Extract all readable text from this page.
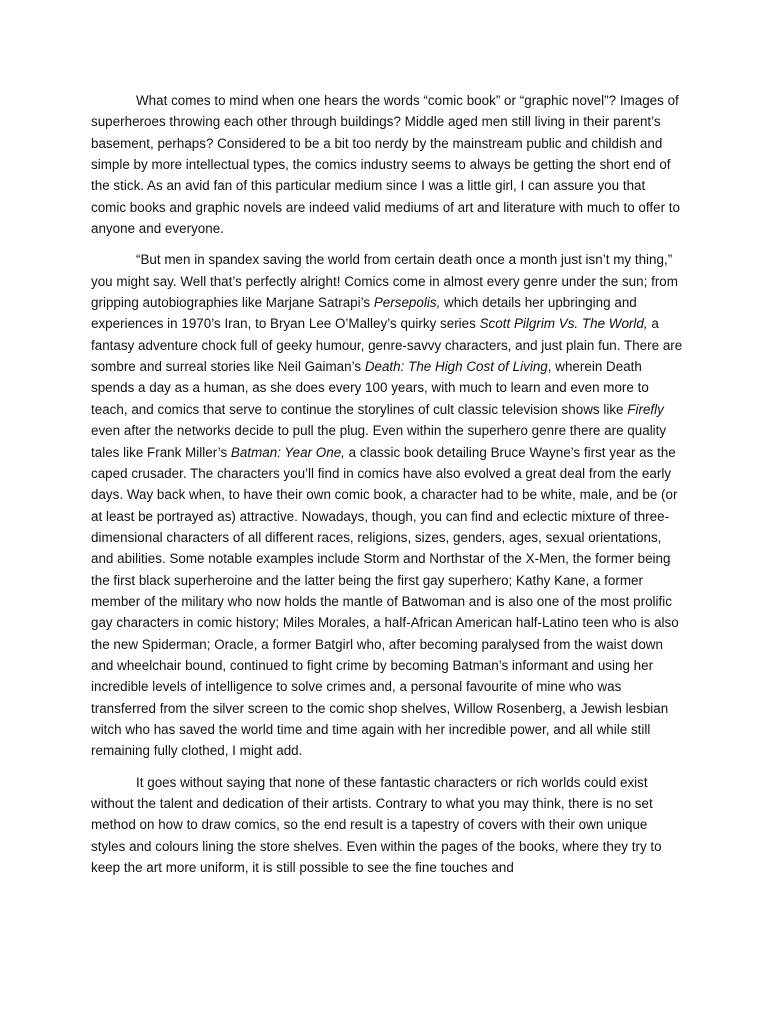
What comes to mind when one hears the words “comic book” or “graphic novel”? Images of superheroes throwing each other through buildings? Middle aged men still living in their parent’s basement, perhaps? Considered to be a bit too nerdy by the mainstream public and childish and simple by more intellectual types, the comics industry seems to always be getting the short end of the stick. As an avid fan of this particular medium since I was a little girl, I can assure you that comic books and graphic novels are indeed valid mediums of art and literature with much to offer to anyone and everyone.

“But men in spandex saving the world from certain death once a month just isn’t my thing,” you might say. Well that’s perfectly alright! Comics come in almost every genre under the sun; from gripping autobiographies like Marjane Satrapi’s Persepolis, which details her upbringing and experiences in 1970’s Iran, to Bryan Lee O’Malley’s quirky series Scott Pilgrim Vs. The World, a fantasy adventure chock full of geeky humour, genre-savvy characters, and just plain fun. There are sombre and surreal stories like Neil Gaiman’s Death: The High Cost of Living, wherein Death spends a day as a human, as she does every 100 years, with much to learn and even more to teach, and comics that serve to continue the storylines of cult classic television shows like Firefly even after the networks decide to pull the plug. Even within the superhero genre there are quality tales like Frank Miller’s Batman: Year One, a classic book detailing Bruce Wayne’s first year as the caped crusader. The characters you’ll find in comics have also evolved a great deal from the early days. Way back when, to have their own comic book, a character had to be white, male, and be (or at least be portrayed as) attractive. Nowadays, though, you can find and eclectic mixture of three-dimensional characters of all different races, religions, sizes, genders, ages, sexual orientations, and abilities. Some notable examples include Storm and Northstar of the X-Men, the former being the first black superheroine and the latter being the first gay superhero; Kathy Kane, a former member of the military who now holds the mantle of Batwoman and is also one of the most prolific gay characters in comic history; Miles Morales, a half-African American half-Latino teen who is also the new Spiderman; Oracle, a former Batgirl who, after becoming paralysed from the waist down and wheelchair bound, continued to fight crime by becoming Batman’s informant and using her incredible levels of intelligence to solve crimes and, a personal favourite of mine who was transferred from the silver screen to the comic shop shelves, Willow Rosenberg, a Jewish lesbian witch who has saved the world time and time again with her incredible power, and all while still remaining fully clothed, I might add.

It goes without saying that none of these fantastic characters or rich worlds could exist without the talent and dedication of their artists. Contrary to what you may think, there is no set method on how to draw comics, so the end result is a tapestry of covers with their own unique styles and colours lining the store shelves. Even within the pages of the books, where they try to keep the art more uniform, it is still possible to see the fine touches and
